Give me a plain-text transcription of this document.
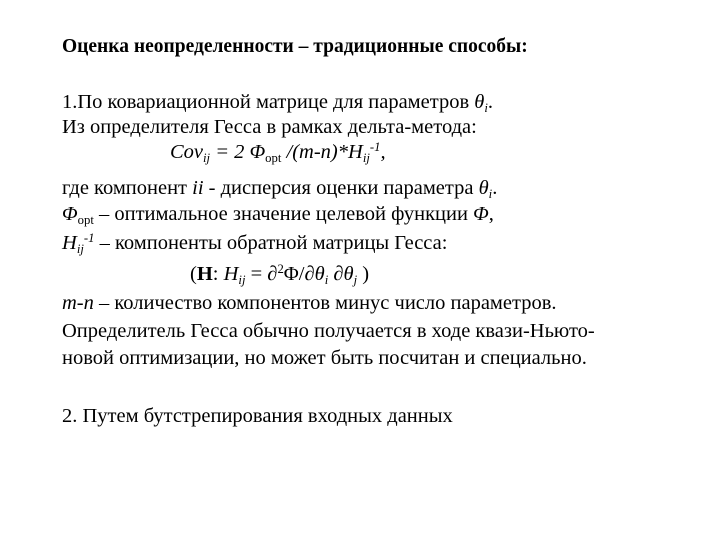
Оценка неопределенности – традиционные способы:
1.По ковариационной матрице для параметров $\theta_i$.
Из определителя Гесса в рамках дельта-метода:
Cov$_{ij}$ = 2 $\Phi_{opt}$ $/(m-n)*H_{ij}^{-1}$,
где компонент ii - дисперсия оценки параметра $\theta_i$.
$\Phi_{opt}$ – оптимальное значение целевой функции Φ,
$H_{ij}^{-1}$ – компоненты обратной матрицы Гесса:
(H: $H_{ij} = \partial^2\Phi/\partial\theta_i$ $\partial\theta_j$ )
m-n – количество компонентов минус число параметров.
Определитель Гесса обычно получается в ходе квази-Ньюто-
новой оптимизации, но может быть посчитан и специально.
2. Путем бутстрепирования входных данных
